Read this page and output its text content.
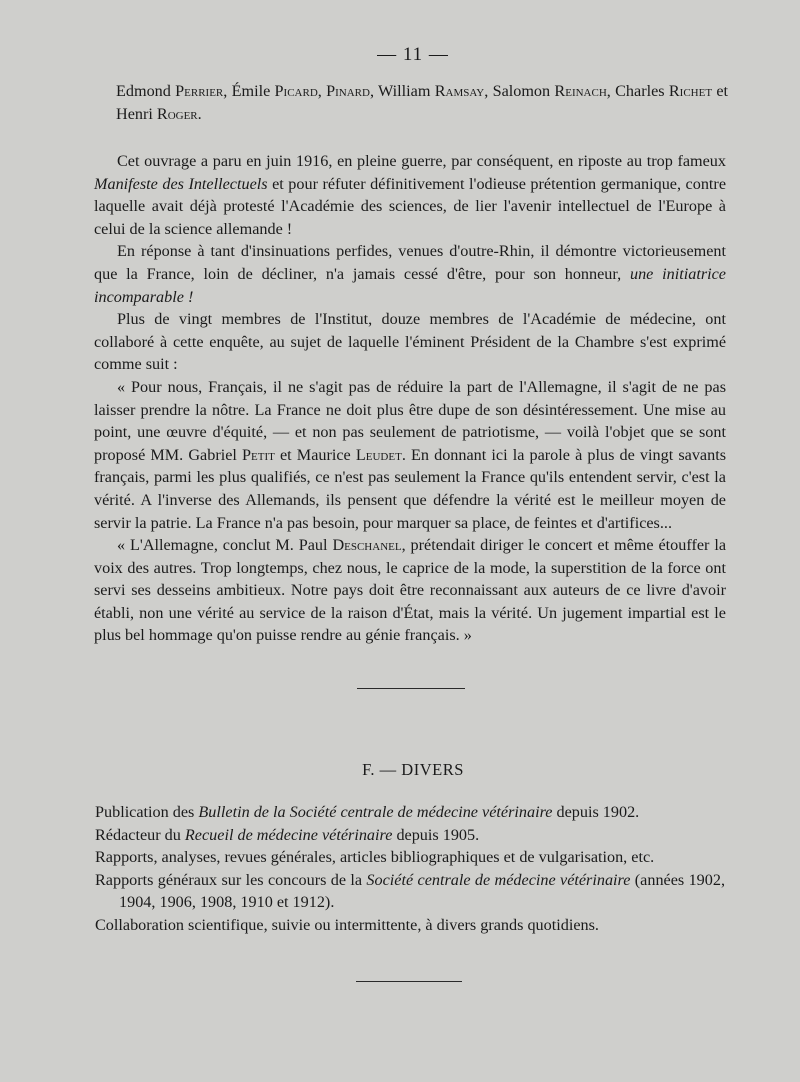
— 11 —

Edmond Perrier, Émile Picard, Pinard, William Ramsay, Salomon Reinach, Charles Richet et Henri Roger.

Cet ouvrage a paru en juin 1916, en pleine guerre, par conséquent, en riposte au trop fameux Manifeste des Intellectuels et pour réfuter définitivement l'odieuse prétention germanique, contre laquelle avait déjà protesté l'Académie des sciences, de lier l'avenir intellectuel de l'Europe à celui de la science allemande !

En réponse à tant d'insinuations perfides, venues d'outre-Rhin, il démontre victorieusement que la France, loin de décliner, n'a jamais cessé d'être, pour son honneur, une initiatrice incomparable !

Plus de vingt membres de l'Institut, douze membres de l'Académie de médecine, ont collaboré à cette enquête, au sujet de laquelle l'éminent Président de la Chambre s'est exprimé comme suit :

« Pour nous, Français, il ne s'agit pas de réduire la part de l'Allemagne, il s'agit de ne pas laisser prendre la nôtre. La France ne doit plus être dupe de son désintéressement. Une mise au point, une œuvre d'équité, — et non pas seulement de patriotisme, — voilà l'objet que se sont proposé MM. Gabriel Petit et Maurice Leudet. En donnant ici la parole à plus de vingt savants français, parmi les plus qualifiés, ce n'est pas seulement la France qu'ils entendent servir, c'est la vérité. A l'inverse des Allemands, ils pensent que défendre la vérité est le meilleur moyen de servir la patrie. La France n'a pas besoin, pour marquer sa place, de feintes et d'artifices...

« L'Allemagne, conclut M. Paul Deschanel, prétendait diriger le concert et même étouffer la voix des autres. Trop longtemps, chez nous, le caprice de la mode, la superstition de la force ont servi ses desseins ambitieux. Notre pays doit être reconnaissant aux auteurs de ce livre d'avoir établi, non une vérité au service de la raison d'État, mais la vérité. Un jugement impartial est le plus bel hommage qu'on puisse rendre au génie français. »

F. — DIVERS

Publication des Bulletin de la Société centrale de médecine vétérinaire depuis 1902.

Rédacteur du Recueil de médecine vétérinaire depuis 1905.

Rapports, analyses, revues générales, articles bibliographiques et de vulgarisation, etc.

Rapports généraux sur les concours de la Société centrale de médecine vétérinaire (années 1902, 1904, 1906, 1908, 1910 et 1912).

Collaboration scientifique, suivie ou intermittente, à divers grands quotidiens.
